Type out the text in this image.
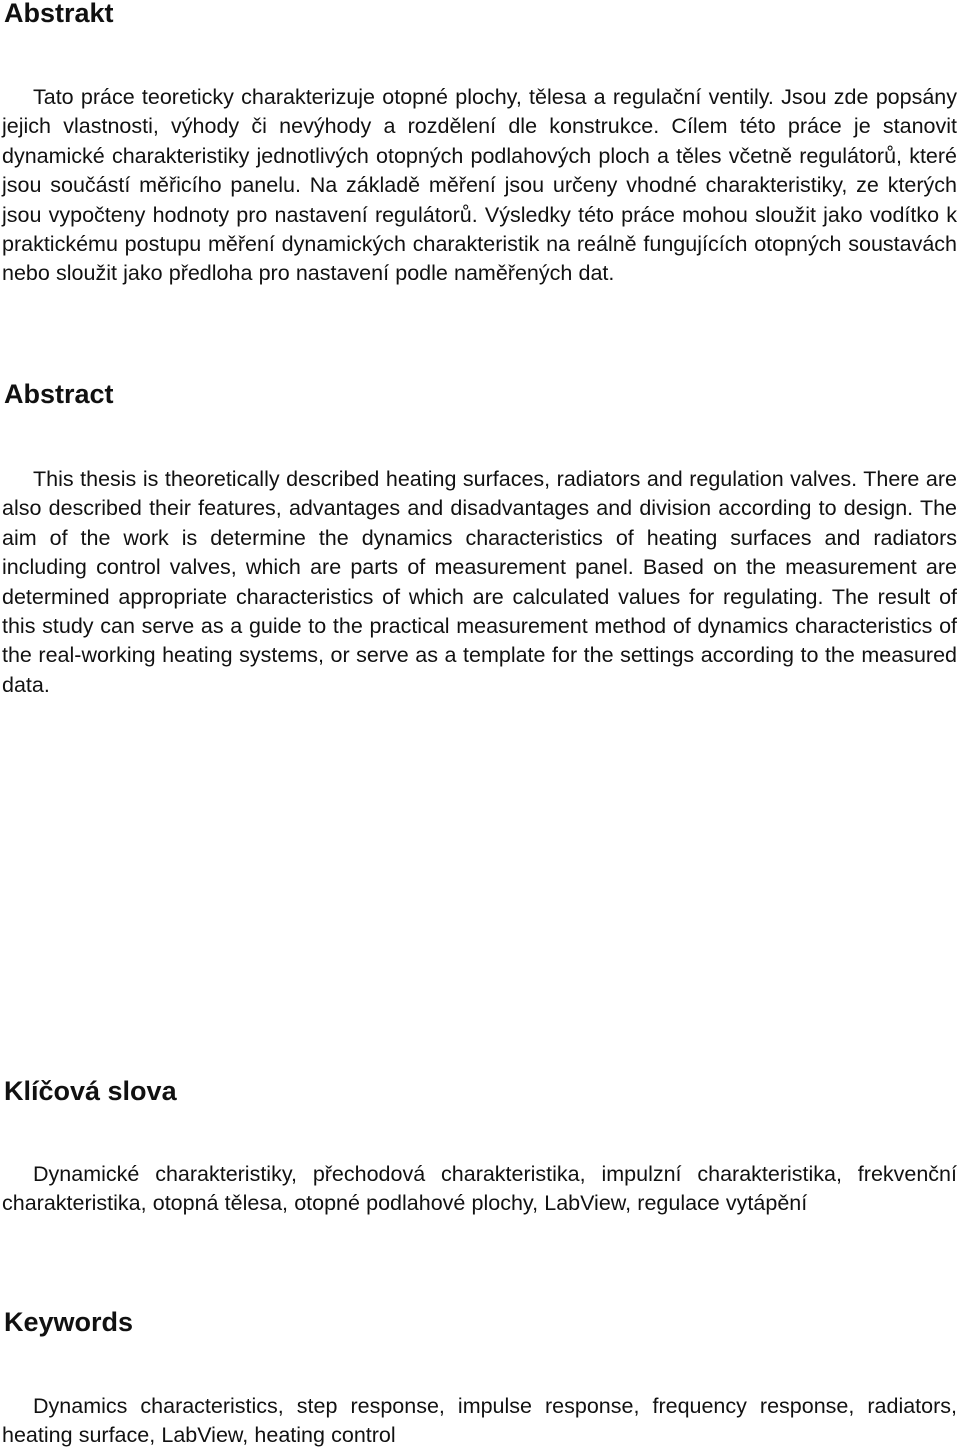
Abstrakt

Tato práce teoreticky charakterizuje otopné plochy, tělesa a regulační ventily. Jsou zde popsány jejich vlastnosti, výhody či nevýhody a rozdělení dle konstrukce. Cílem této práce je stanovit dynamické charakteristiky jednotlivých otopných podlahových ploch a těles včetně regulátorů, které jsou součástí měřicího panelu. Na základě měření jsou určeny vhodné charakteristiky, ze kterých jsou vypočteny hodnoty pro nastavení regulátorů. Výsledky této práce mohou sloužit jako vodítko k praktickému postupu měření dynamických charakteristik na reálně fungujících otopných soustavách nebo sloužit jako předloha pro nastavení podle naměřených dat.

Abstract

This thesis is theoretically described heating surfaces, radiators and regulation valves. There are also described their features, advantages and disadvantages and division according to design. The aim of the work is determine the dynamics characteristics of heating surfaces and radiators including control valves, which are parts of measurement panel. Based on the measurement are determined appropriate characteristics of which are calculated values for regulating. The result of this study can serve as a guide to the practical measurement method of dynamics characteristics of the real-working heating systems, or serve as a template for the settings according to the measured data.

Klíčová slova

Dynamické charakteristiky, přechodová charakteristika, impulzní charakteristika, frekvenční charakteristika, otopná tělesa, otopné podlahové plochy, LabView, regulace vytápění

Keywords

Dynamics characteristics, step response, impulse response, frequency response, radiators, heating surface, LabView, heating control
